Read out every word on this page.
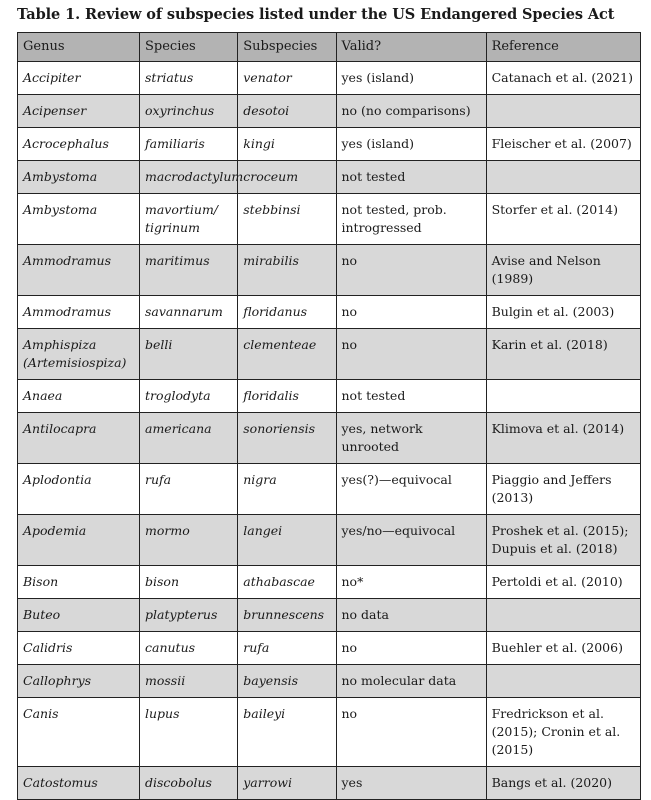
Table 1. Review of subspecies listed under the US Endangered Species Act
Genus	Species	Subspecies	Valid?	Reference
Accipiter	striatus	venator	yes (island)	Catanach et al. (2021)
Acipenser	oxyrinchus	desotoi	no (no comparisons)	
Acrocephalus	familiaris	kingi	yes (island)	Fleischer et al. (2007)
Ambystoma	macrodactylum	croceum	not tested	
Ambystoma	mavortium/ tigrinum	stebbinsi	not tested, prob. introgressed	Storfer et al. (2014)
Ammodramus	maritimus	mirabilis	no	Avise and Nelson (1989)
Ammodramus	savannarum	floridanus	no	Bulgin et al. (2003)
Amphispiza (Artemisiospiza)	belli	clementeae	no	Karin et al. (2018)
Anaea	troglodyta	floridalis	not tested	
Antilocapra	americana	sonoriensis	yes, network unrooted	Klimova et al. (2014)
Aplodontia	rufa	nigra	yes(?)—equivocal	Piaggio and Jeffers (2013)
Apodemia	mormo	langei	yes/no—equivocal	Proshek et al. (2015); Dupuis et al. (2018)
Bison	bison	athabascae	no*	Pertoldi et al. (2010)
Buteo	platypterus	brunnescens	no data	
Calidris	canutus	rufa	no	Buehler et al. (2006)
Callophrys	mossii	bayensis	no molecular data	
Canis	lupus	baileyi	no	Fredrickson et al. (2015); Cronin et al. (2015)
Catostomus	discobolus	yarrowi	yes	Bangs et al. (2020)
